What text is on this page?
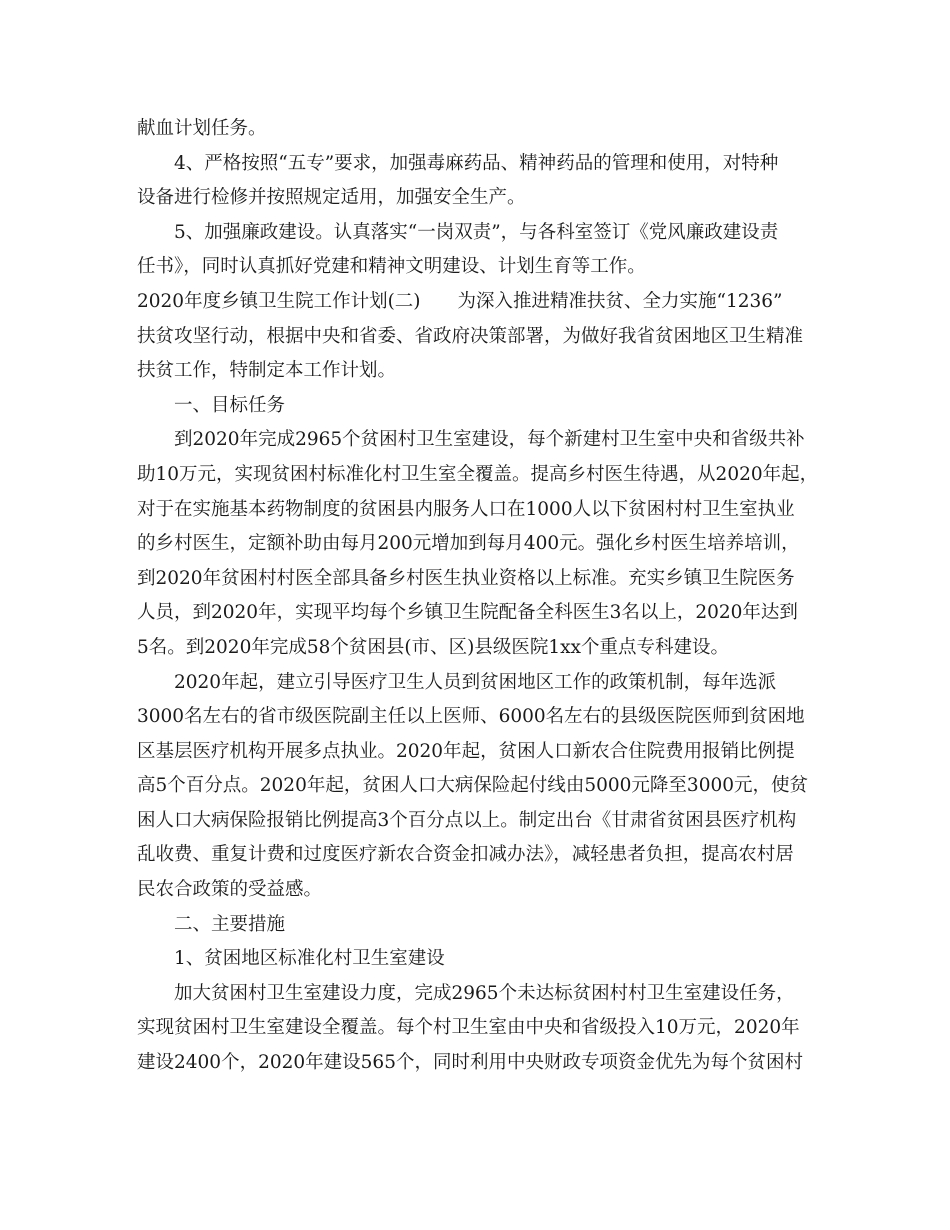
献血计划任务。
4、严格按照“五专”要求，加强毒麻药品、精神药品的管理和使用，对特种
设备进行检修并按照规定适用，加强安全生产。
5、加强廉政建设。认真落实“一岗双责”，与各科室签订《党风廉政建设责
任书》，同时认真抓好党建和精神文明建设、计划生育等工作。
2020年度乡镇卫生院工作计划(二)　　为深入推进精准扶贫、全力实施“1236”
扶贫攻坚行动，根据中央和省委、省政府决策部署，为做好我省贫困地区卫生精准
扶贫工作，特制定本工作计划。
一、目标任务
到2020年完成2965个贫困村卫生室建设，每个新建村卫生室中央和省级共补
助10万元，实现贫困村标准化村卫生室全覆盖。提高乡村医生待遇，从2020年起，
对于在实施基本药物制度的贫困县内服务人口在1000人以下贫困村村卫生室执业
的乡村医生，定额补助由每月200元增加到每月400元。强化乡村医生培养培训，
到2020年贫困村村医全部具备乡村医生执业资格以上标准。充实乡镇卫生院医务
人员，到2020年，实现平均每个乡镇卫生院配备全科医生3名以上，2020年达到
5名。到2020年完成58个贫困县(市、区)县级医院1xx个重点专科建设。
2020年起，建立引导医疗卫生人员到贫困地区工作的政策机制，每年选派
3000名左右的省市级医院副主任以上医师、6000名左右的县级医院医师到贫困地
区基层医疗机构开展多点执业。2020年起，贫困人口新农合住院费用报销比例提
高5个百分点。2020年起，贫困人口大病保险起付线由5000元降至3000元，使贫
困人口大病保险报销比例提高3个百分点以上。制定出台《甘肃省贫困县医疗机构
乱收费、重复计费和过度医疗新农合资金扣减办法》，减轻患者负担，提高农村居
民农合政策的受益感。
二、主要措施
1、贫困地区标准化村卫生室建设
加大贫困村卫生室建设力度，完成2965个未达标贫困村村卫生室建设任务，
实现贫困村卫生室建设全覆盖。每个村卫生室由中央和省级投入10万元，2020年
建设2400个，2020年建设565个，同时利用中央财政专项资金优先为每个贫困村
